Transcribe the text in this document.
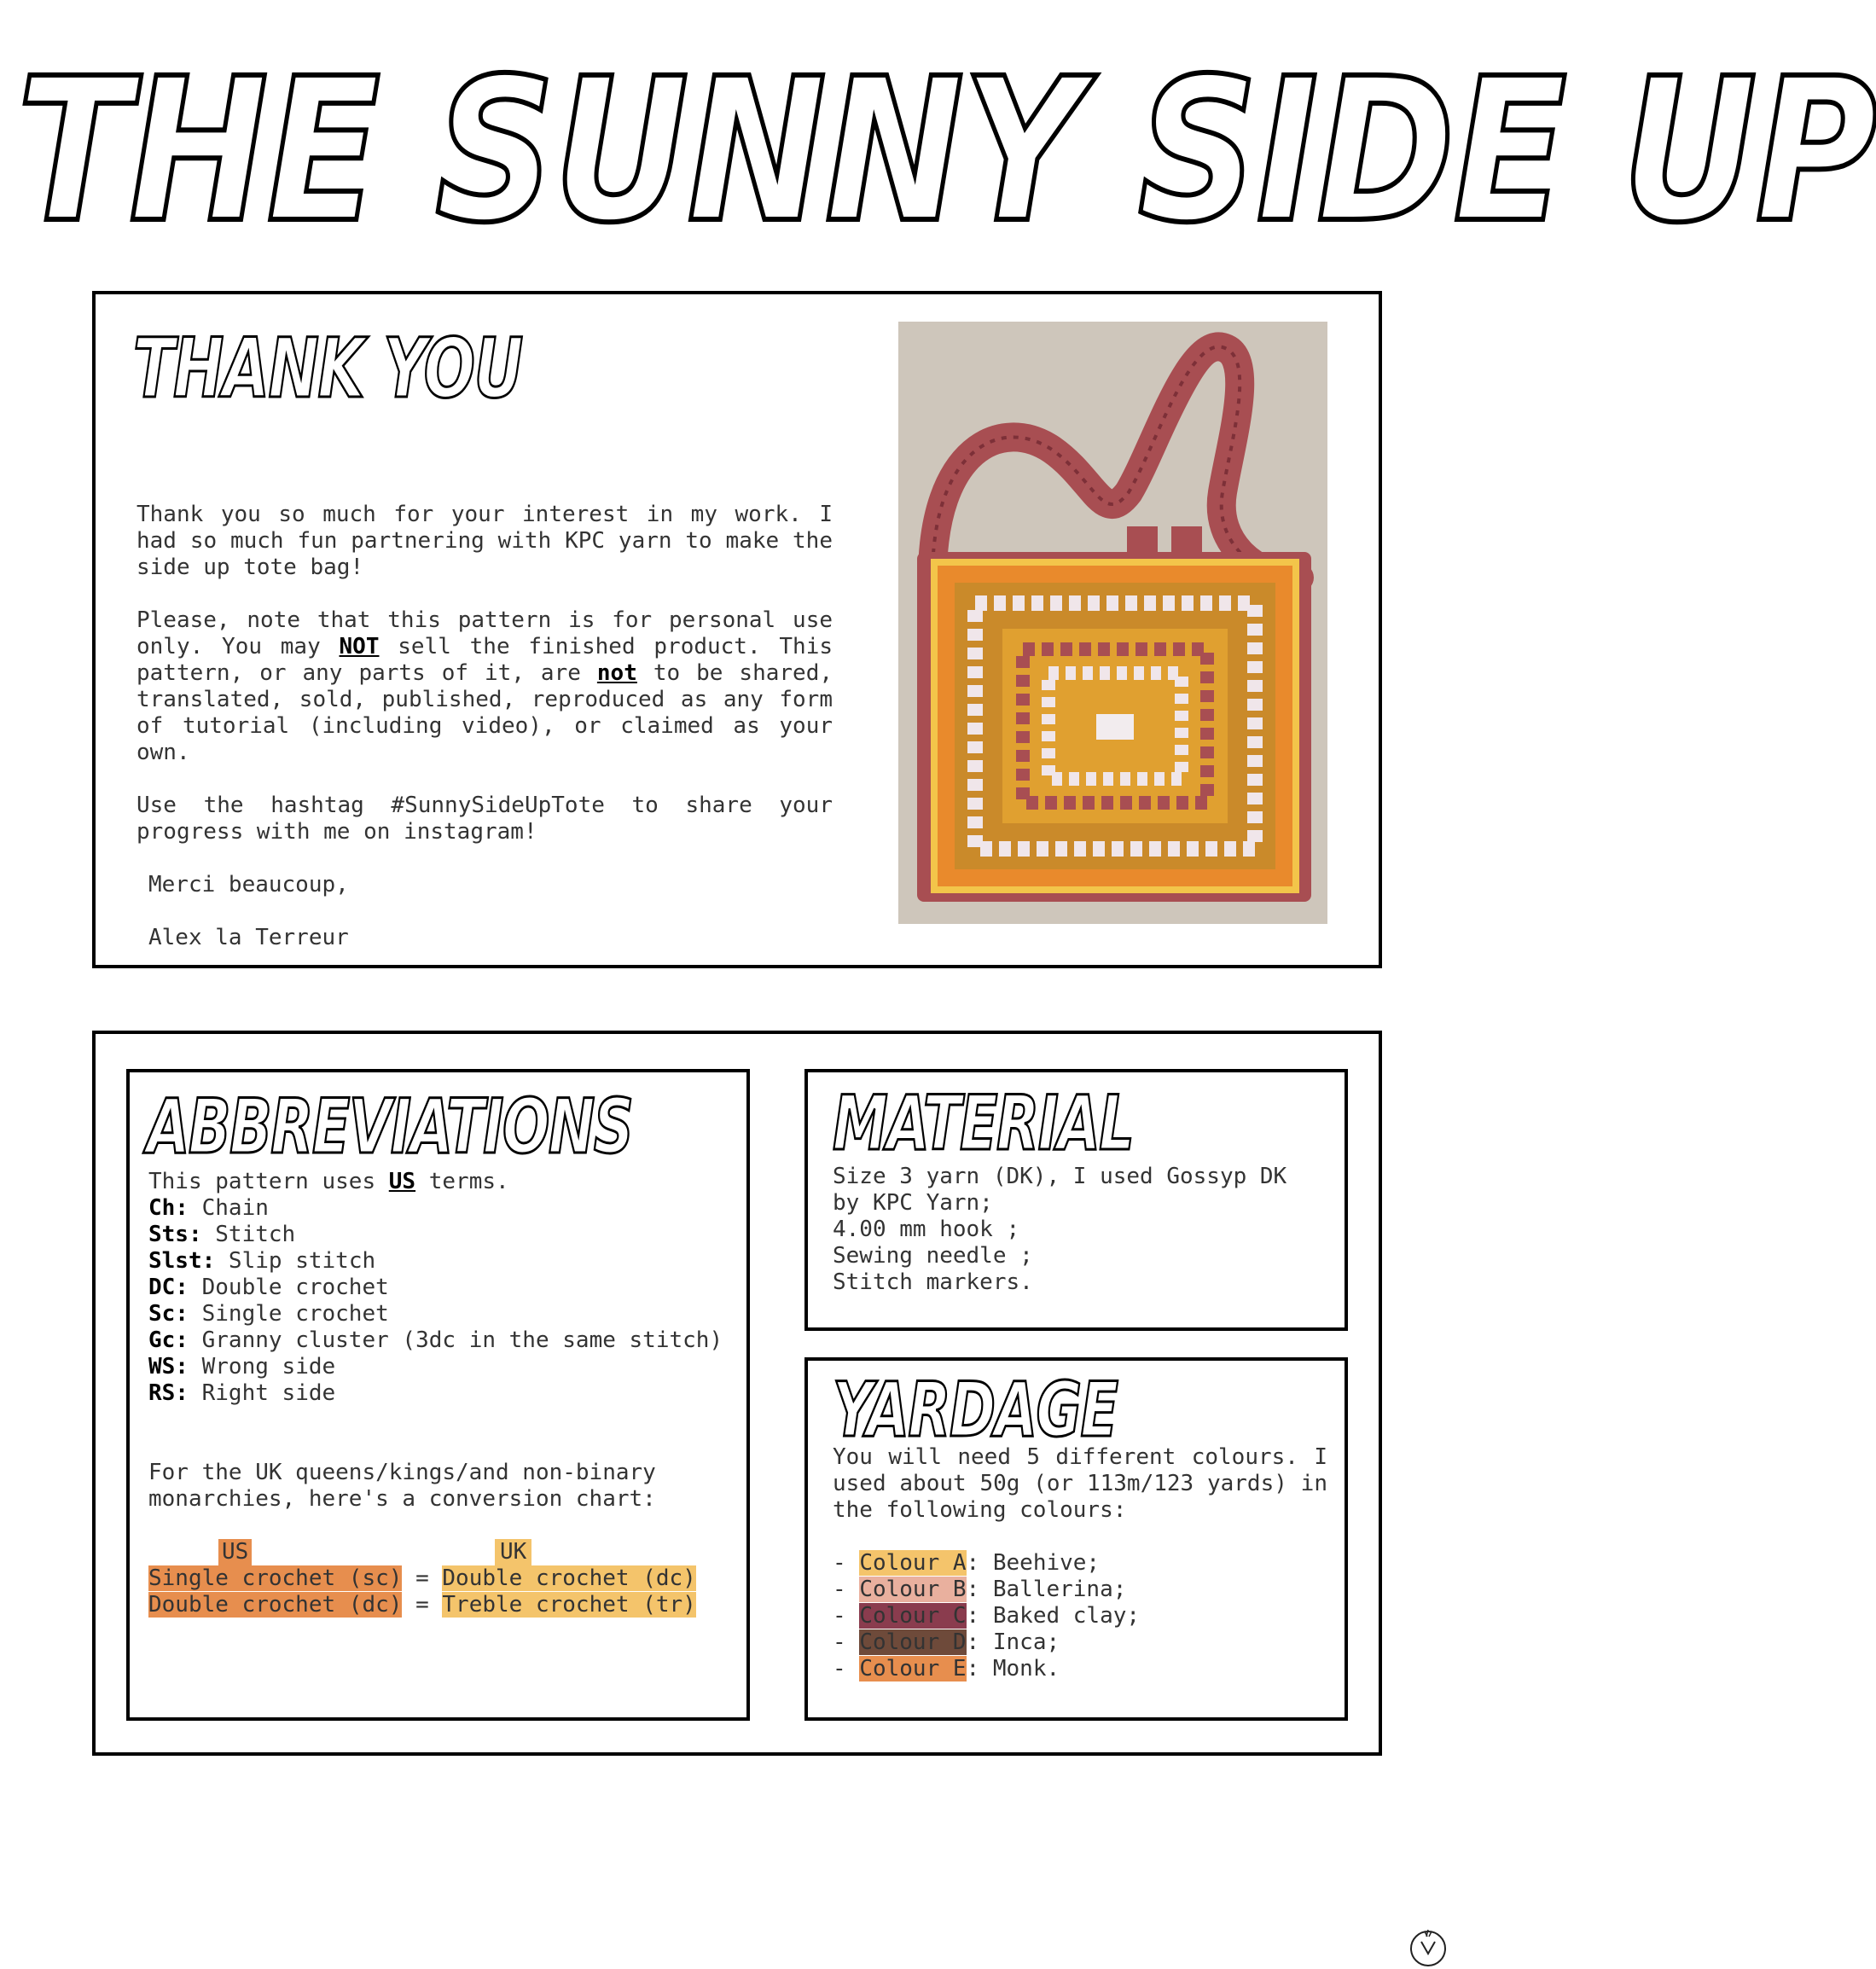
THE SUNNY SIDE UP
THANK YOU

Thank you so much for your interest in my work. I had so much fun partnering with KPC yarn to make the side up tote bag!

Please, note that this pattern is for personal use only. You may NOT sell the finished product. This pattern, or any parts of it, are not to be shared, translated, sold, published, reproduced as any form of tutorial (including video), or claimed as your own.

Use the hashtag #SunnySideUpTote to share your progress with me on instagram!

Merci beaucoup,

Alex la Terreur

ABBREVIATIONS
This pattern uses US terms.
Ch: Chain
Sts: Stitch
Slst: Slip stitch
DC: Double crochet
Sc: Single crochet
Gc: Granny cluster (3dc in the same stitch)
WS: Wrong side
RS: Right side
For the UK queens/kings/and non-binary monarchies, here's a conversion chart:
US	UK
Single crochet (sc) = Double crochet (dc)
Double crochet (dc) = Treble crochet (tr)
MATERIAL
Size 3 yarn (DK), I used Gossyp DK by KPC Yarn;
4.00 mm hook ;
Sewing needle ;
Stitch markers.
YARDAGE

You will need 5 different colours. I used about 50g (or 113m/123 yards) in the following colours:

- Colour A: Beehive;
- Colour B: Ballerina;
- Colour C: Baked clay;
- Colour D: Inca;
- Colour E: Monk.
